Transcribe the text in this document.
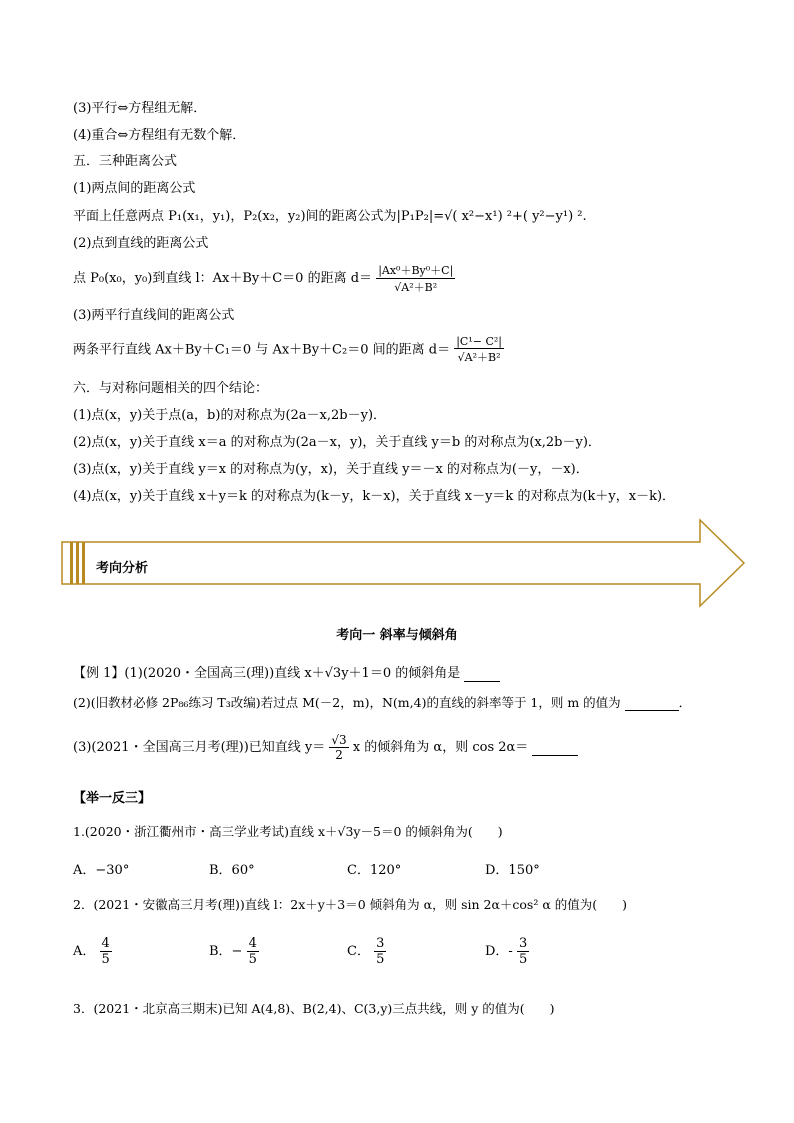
(3)平行⇔方程组无解．
(4)重合⇔方程组有无数个解．
五．三种距离公式
(1)两点间的距离公式
平面上任意两点 P₁(x₁，y₁)，P₂(x₂，y₂)间的距离公式为|P₁P₂|=√( x²−x¹) ²+( y²−y¹) ².
(2)点到直线的距离公式
点 P₀(x₀，y₀)到直线 l：Ax＋By＋C＝0 的距离 $d= \frac{\text{|Ax⁰＋By⁰＋C|}}{\text{√A²＋B²}}$
(3)两平行直线间的距离公式
两条平行直线 Ax＋By＋C₁＝0 与 Ax＋By＋C₂＝0 间的距离 $d= \frac{\text{|C¹− C²|}}{\text{√A²＋B²}}$
六．与对称问题相关的四个结论：
(1)点(x，y)关于点(a，b)的对称点为(2a－x,2b－y)．
(2)点(x，y)关于直线 x＝a 的对称点为(2a－x，y)，关于直线 y＝b 的对称点为(x,2b－y)．
(3)点(x，y)关于直线 y＝x 的对称点为(y，x)，关于直线 y＝－x 的对称点为(－y，－x)．
(4)点(x，y)关于直线 x＋y＝k 的对称点为(k－y，k－x)，关于直线 x－y＝k 的对称点为(k＋y，x－k)．
考向分析
考向一 斜率与倾斜角
【例 1】(1)(2020・全国高三(理))直线 x＋√3y＋1＝0 的倾斜角是
(2)(旧教材必修 2P₈₆练习 T₃改编)若过点 M(－2，m)，N(m,4)的直线的斜率等于 1，则 m 的值为	．
(3)(2021・全国高三月考(理))已知直线 $y= \frac{√3}{2}$ x 的倾斜角为 α，则 cos 2α＝
【举一反三】
1.(2020・浙江衢州市・高三学业考试)直线 x＋√3y－5＝0 的倾斜角为(　　)
A．−30°	B．60°	C．120°	D．150°
2．(2021・安徽高三月考(理))直线 l：2x＋y＋3＝0 倾斜角为 α，则 sin 2α＋cos² α 的值为(　　)
A． $\frac{4}{5}$	B．− $\frac{4}{5}$	C． $\frac{3}{5}$	D．- $\frac{3}{5}$
3．(2021・北京高三期末)已知 A(4,8)、B(2,4)、C(3,y)三点共线，则 y 的值为(　　)
